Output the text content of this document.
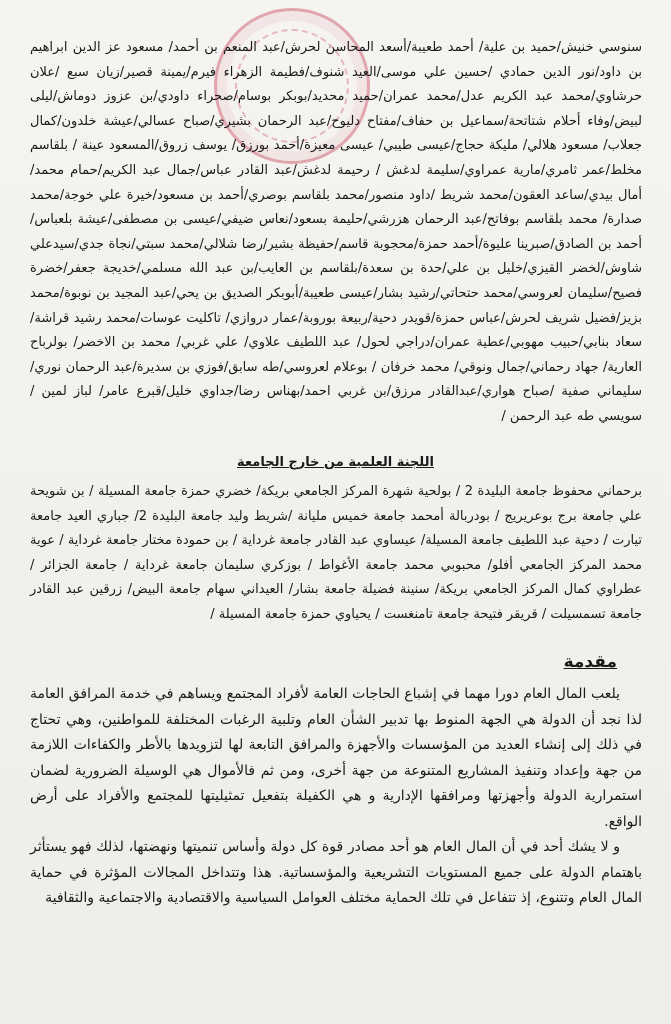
سنوسي خنيش/حميد بن علية/ أحمد طعيبة/أسعد المحاسن لحرش/عبد المنعم بن أحمد/ مسعود عز الدين ابراهيم بن داود/نور الدين حمادي /حسين علي موسى/العيد شنوف/فطيمة الزهراء فيرم/يمينة قصير/زيان سبع /علان حرشاوي/محمد عبد الكريم عدل/محمد عمران/حميد محديد/بوبكر بوسام/صحراء داودي/بن عزوز دوماش/ليلى لبيض/وفاء أحلام شتاتحة/سماعيل بن حفاف/مفتاح دليوح/عبد الرحمان بشيري/صباح عسالي/عيشة خلدون/كمال جعلاب/ مسعود هلالي/ مليكة حجاج/عيسى طيبي/ عيسى معيزة/أحمد بورزق/ يوسف زروق/المسعود عينة / بلقاسم مخلط/عمر ثامري/مارية عمراوي/سليمة لدغش / رحيمة لدغش/عبد القادر عباس/جمال عبد الكريم/حمام محمد/أمال بيدي/ساعد العقون/محمد شريط /داود منصور/محمد بلقاسم بوصري/أحمد بن مسعود/خيرة علي خوجة/محمد صدارة/ محمد بلقاسم بوفاتح/عبد الرحمان هزرشي/حليمة بسعود/نعاس ضيفي/عيسى بن مصطفى/عيشة بلعباس/أحمد بن الصادق/صبرينا عليوة/أحمد حمزة/محجوبة قاسم/حفيظة بشير/رضا شلالي/محمد سبتي/نجاة جدي/سيدعلي شاوش/لخضر القيزي/خليل بن علي/حدة بن سعدة/بلقاسم بن العايب/بن عبد الله مسلمي/خديجة جعفر/خضرة فصيح/سليمان لعروسي/محمد حتحاتي/رشيد بشار/عيسى طعيبة/أبوبكر الصديق بن يحي/عبد المجيد بن نوبوة/محمد بزيز/فضيل شريف لحرش/عباس حمزة/قويدر دحية/ربيعة بوروبة/عمار دروازي/ تاكليت عوسات/محمد رشيد قراشة/سعاد بنابي/حبيب مهوبي/عطية عمران/دراجي لحول/ عبد اللطيف علاوي/ علي غربي/ محمد بن الاخضر/ بولرباح العارية/ جهاد رحماني/جمال ونوقي/ محمد خرفان / بوعلام لعروسي/طه سابق/فوزي بن سديرة/عبد الرحمان نوري/سليماني صفية /صباح هواري/عبدالقادر مرزق/بن غربي احمد/بهناس رضا/جداوي خليل/قبرع عامر/ لباز لمين / سويسي طه عبد الرحمن /
اللجنة العلمية من خارج الجامعة
برحماني محفوظ جامعة البليدة 2 / بولحية شهرة المركز الجامعي بريكة/ خضري حمزة جامعة المسيلة / بن شويحة علي جامعة برج بوعريريج / بودربالة أمحمد جامعة خميس مليانة /شريط وليد جامعة البليدة 2/ جباري العيد جامعة تيارت / دحية عبد اللطيف جامعة المسيلة/ عيساوي عبد القادر جامعة غرداية / بن حمودة مختار جامعة غرداية / عوية محمد المركز الجامعي أفلو/ محبوبي محمد جامعة الأغواط / بوزكري سليمان جامعة غرداية / جامعة الجزائر / عطراوي كمال المركز الجامعي بريكة/ سنينة فضيلة جامعة بشار/ العيداني سهام جامعة البيض/ زرقين عبد القادر جامعة تسمسيلت / قريقر فتيحة جامعة تامنغست / يحياوي حمزة جامعة المسيلة /
مقدمة

يلعب المال العام دورا مهما في إشباع الحاجات العامة لأفراد المجتمع ويساهم في خدمة المرافق العامة لذا نجد أن الدولة هي الجهة المنوط بها تدبير الشأن العام وتلبية الرغبات المختلفة للمواطنين، وهي تحتاج في ذلك إلى إنشاء العديد من المؤسسات والأجهزة والمرافق التابعة لها لتزويدها بالأطر والكفاءات اللازمة من جهة وإعداد وتنفيذ المشاريع المتنوعة من جهة أخرى، ومن ثم فالأموال هي الوسيلة الضرورية لضمان استمرارية الدولة وأجهزتها ومرافقها الإدارية و هي الكفيلة بتفعيل تمثيليتها للمجتمع والأفراد على أرض الواقع.

و لا يشك أحد في أن المال العام هو أحد مصادر قوة كل دولة وأساس تنميتها ونهضتها، لذلك فهو يستأثر باهتمام الدولة على جميع المستويات التشريعية والمؤسساتية. هذا وتتداخل المجالات المؤثرة في حماية المال العام وتتنوع، إذ تتفاعل في تلك الحماية مختلف العوامل السياسية والاقتصادية والاجتماعية والثقافية
